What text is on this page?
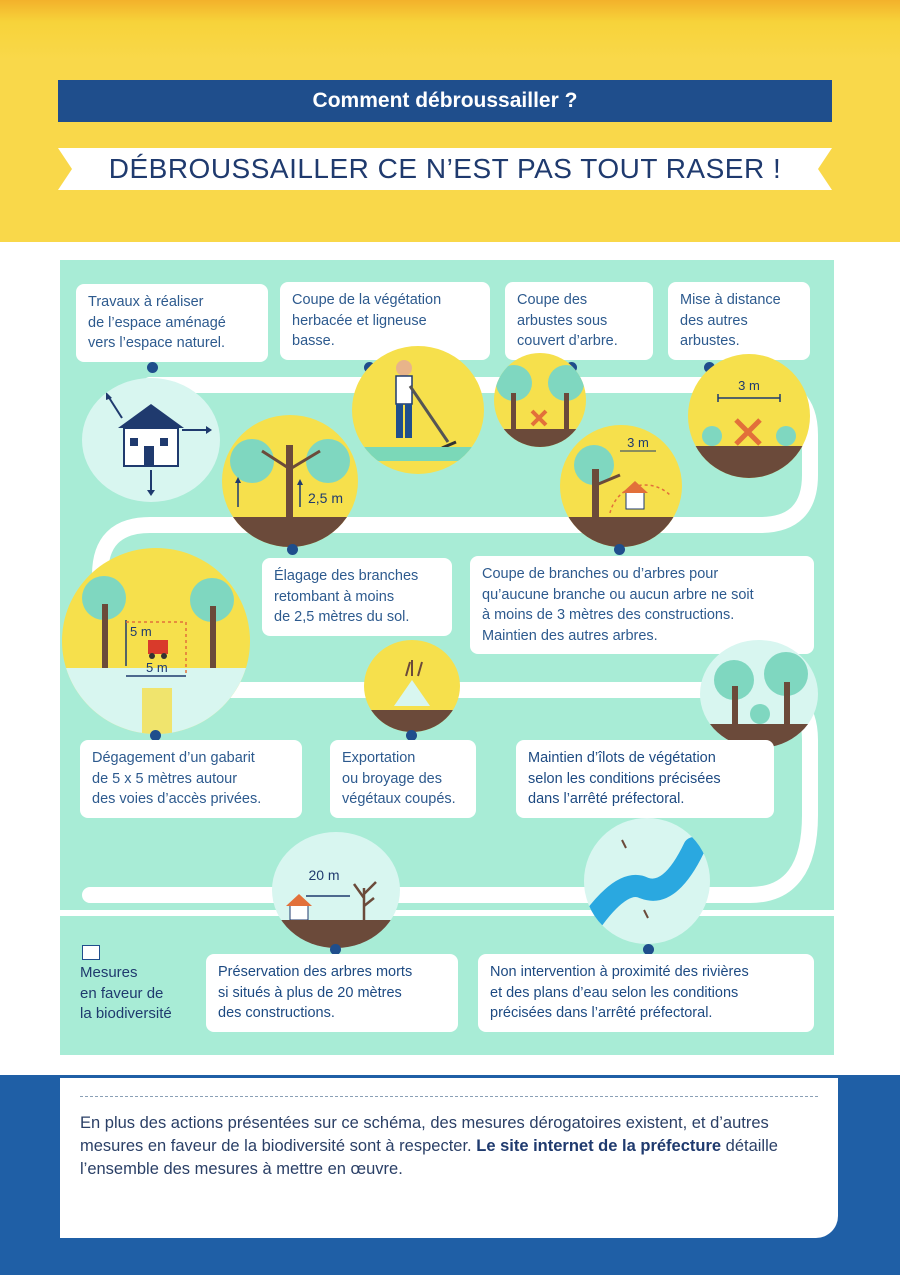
Comment débroussailler ?
DÉBROUSSAILLER CE N’EST PAS TOUT RASER !
Travaux à réaliser
de l’espace aménagé
vers l’espace naturel.
Coupe de la végétation
herbacée et ligneuse
basse.
Coupe des
arbustes sous
couvert d’arbre.
Mise à distance
des autres
arbustes.
3 m
2,5 m
Élagage des branches
retombant à moins
de 2,5 mètres du sol.
3 m
Coupe de branches ou d’arbres pour
qu’aucune branche ou aucun arbre ne soit
à moins de 3 mètres des constructions.
Maintien des autres arbres.
5 m
5 m
Dégagement d’un gabarit
de 5 x 5 mètres autour
des voies d’accès privées.
Exportation
ou broyage des
végétaux coupés.
Maintien d’îlots de végétation
selon les conditions précisées
dans l’arrêté préfectoral.
20 m
Préservation des arbres morts
si situés à plus de 20 mètres
des constructions.
Non intervention à proximité des rivières
et des plans d’eau selon les conditions
précisées dans l’arrêté préfectoral.
Mesures
en faveur de
la biodiversité
En plus des actions présentées sur ce schéma, des mesures dérogatoires existent, et d’autres mesures en faveur de la biodiversité sont à respecter. Le site internet de la préfecture détaille l’ensemble des mesures à mettre en œuvre.
